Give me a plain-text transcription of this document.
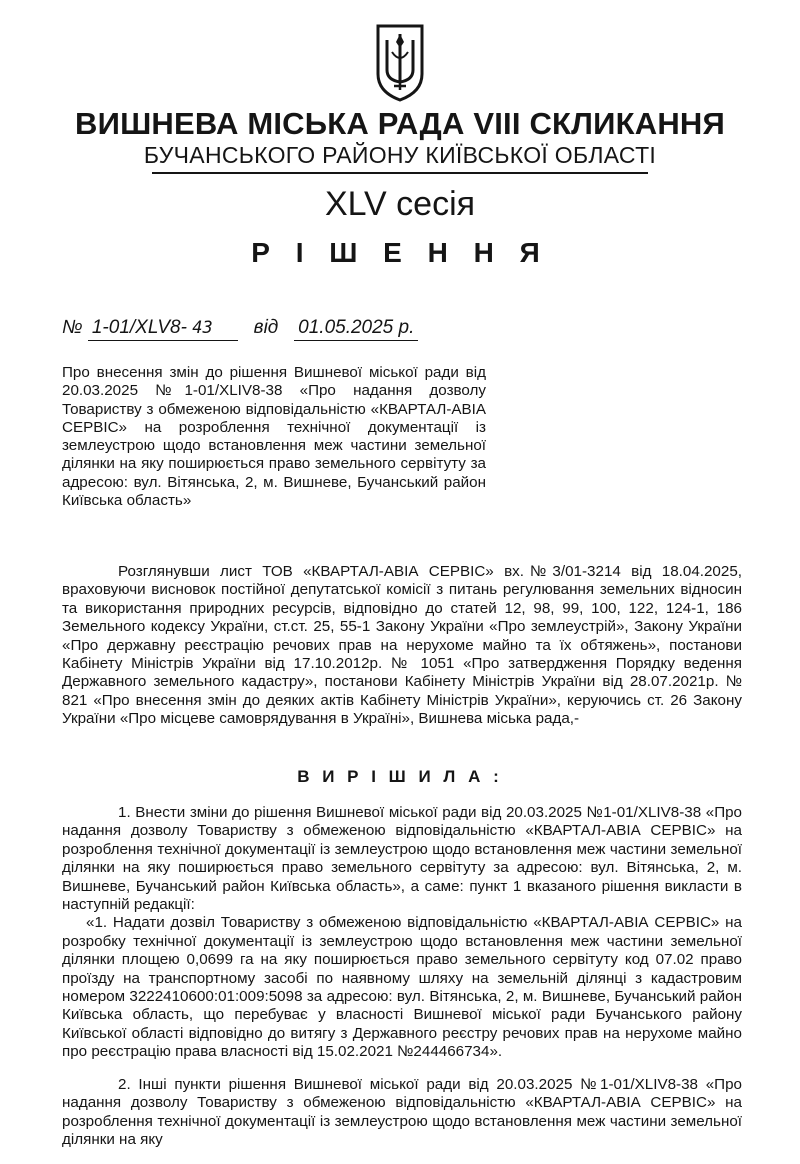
ВИШНЕВА МІСЬКА РАДА VIII СКЛИКАННЯ
БУЧАНСЬКОГО РАЙОНУ КИЇВСЬКОЇ ОБЛАСТІ
XLV сесія
Р І Ш Е Н Н Я
№ 1-01/XLV8- 43 від 01.05.2025 р.
Про внесення змін до рішення Вишневої міської ради від 20.03.2025 №1-01/XLIV8-38 «Про надання дозволу Товариству з обмеженою відповідальністю «КВАРТАЛ-АВІА СЕРВІС» на розроблення технічної документації із землеустрою щодо встановлення меж частини земельної ділянки на яку поширюється право земельного сервітуту за адресою: вул. Вітянська, 2, м. Вишневе, Бучанський район Київська область»
Розглянувши лист ТОВ «КВАРТАЛ-АВІА СЕРВІС» вх.№3/01-3214 від 18.04.2025, враховуючи висновок постійної депутатської комісії з питань регулювання земельних відносин та використання природних ресурсів, відповідно до статей 12, 98, 99, 100, 122, 124-1, 186 Земельного кодексу України, ст.ст. 25, 55-1 Закону України «Про землеустрій», Закону України «Про державну реєстрацію речових прав на нерухоме майно та їх обтяжень», постанови Кабінету Міністрів України від 17.10.2012р. № 1051 «Про затвердження Порядку ведення Державного земельного кадастру», постанови Кабінету Міністрів України від 28.07.2021р. № 821 «Про внесення змін до деяких актів Кабінету Міністрів України», керуючись ст. 26 Закону України «Про місцеве самоврядування в Україні», Вишнева міська рада,-
В И Р І Ш И Л А :

1. Внести зміни до рішення Вишневої міської ради від 20.03.2025 №1-01/XLIV8-38 «Про надання дозволу Товариству з обмеженою відповідальністю «КВАРТАЛ-АВІА СЕРВІС» на розроблення технічної документації із землеустрою щодо встановлення меж частини земельної ділянки на яку поширюється право земельного сервітуту за адресою: вул. Вітянська, 2, м. Вишневе, Бучанський район Київська область», а саме: пункт 1 вказаного рішення викласти в наступній редакції:

«1. Надати дозвіл Товариству з обмеженою відповідальністю «КВАРТАЛ-АВІА СЕРВІС» на розробку технічної документації із землеустрою щодо встановлення меж частини земельної ділянки площею 0,0699 га на яку поширюється право земельного сервітуту код 07.02 право проїзду на транспортному засобі по наявному шляху на земельній ділянці з кадастровим номером 3222410600:01:009:5098 за адресою: вул. Вітянська, 2, м. Вишневе, Бучанський район Київська область, що перебуває у власності Вишневої міської ради Бучанського району Київської області відповідно до витягу з Державного реєстру речових прав на нерухоме майно про реєстрацію права власності від 15.02.2021 №244466734».

2. Інші пункти рішення Вишневої міської ради від 20.03.2025 №1-01/XLIV8-38 «Про надання дозволу Товариству з обмеженою відповідальністю «КВАРТАЛ-АВІА СЕРВІС» на розроблення технічної документації із землеустрою щодо встановлення меж частини земельної ділянки на яку
